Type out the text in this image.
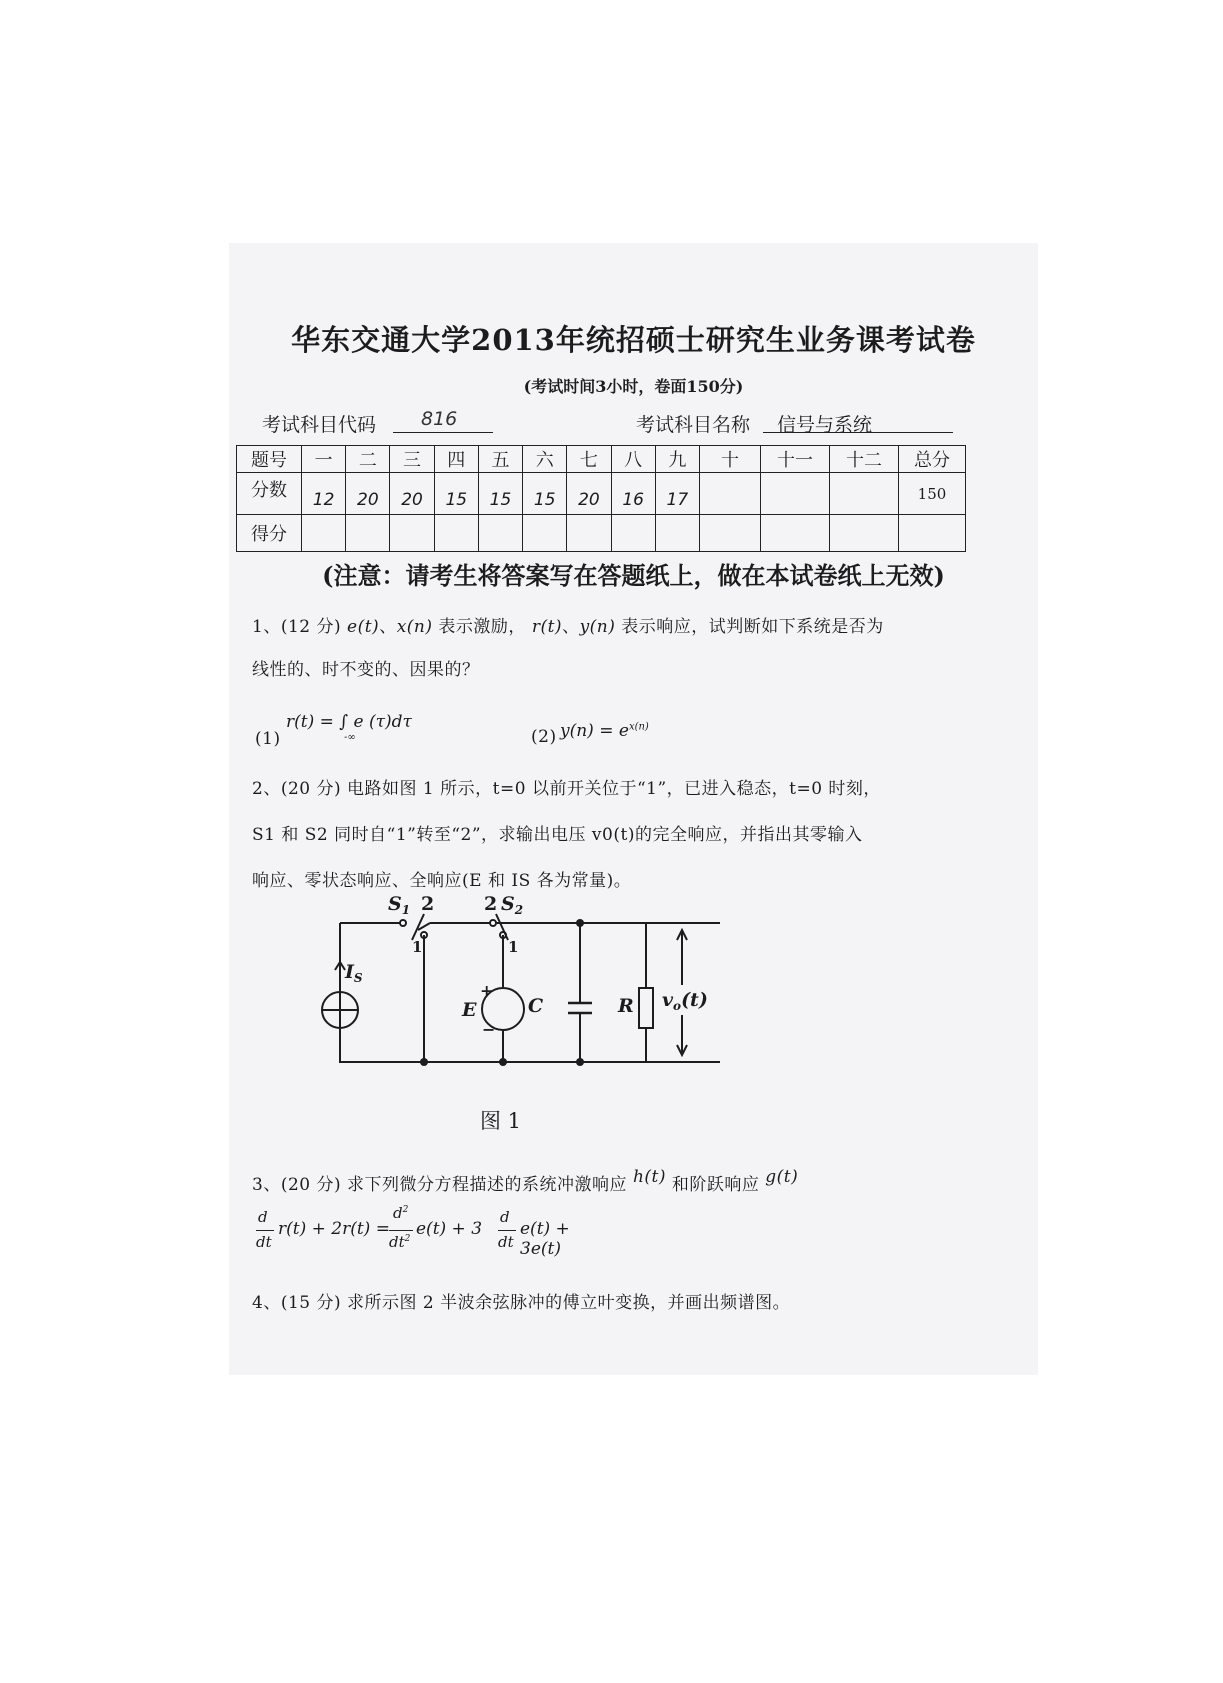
华东交通大学2013年统招硕士研究生业务课考试卷
(考试时间3小时，卷面150分)
考试科目代码 816	考试科目名称 信号与系统
题号	一	二	三	四	五	六	七	八	九	十	十一	十二	总分
分数	12	20	20	15	15	15	20	16	17				150
得分													
(注意：请考生将答案写在答题纸上，做在本试卷纸上无效)
1、(12 分) e(t)、x(n) 表示激励， r(t)、y(n) 表示响应，试判断如下系统是否为
线性的、时不变的、因果的？
(1)
r(t) = ∫ e (τ)dτ
-∞	(2) $y(n) = e^{x(n)}$
2、(20 分) 电路如图 1 所示，t=0 以前开关位于“1”，已进入稳态，t=0 时刻，
S1 和 S2 同时自“1”转至“2”，求输出电压 v0(t)的完全响应，并指出其零输入
响应、零状态响应、全响应(E 和 IS 各为常量)。
$S_1$ 2
1
2 $S_2$
1
$I_S$
E	C	R $v_o(t)$
+
−
图 1
3、(20 分) 求下列微分方程描述的系统冲激响应 h(t) 和阶跃响应 g(t)
d
dt
r(t) + 2r(t) =
$d^2$
$dt^2$ e(t) + 3
d
dt
e(t) + 3e(t)
4、(15 分) 求所示图 2 半波余弦脉冲的傅立叶变换，并画出频谱图。
